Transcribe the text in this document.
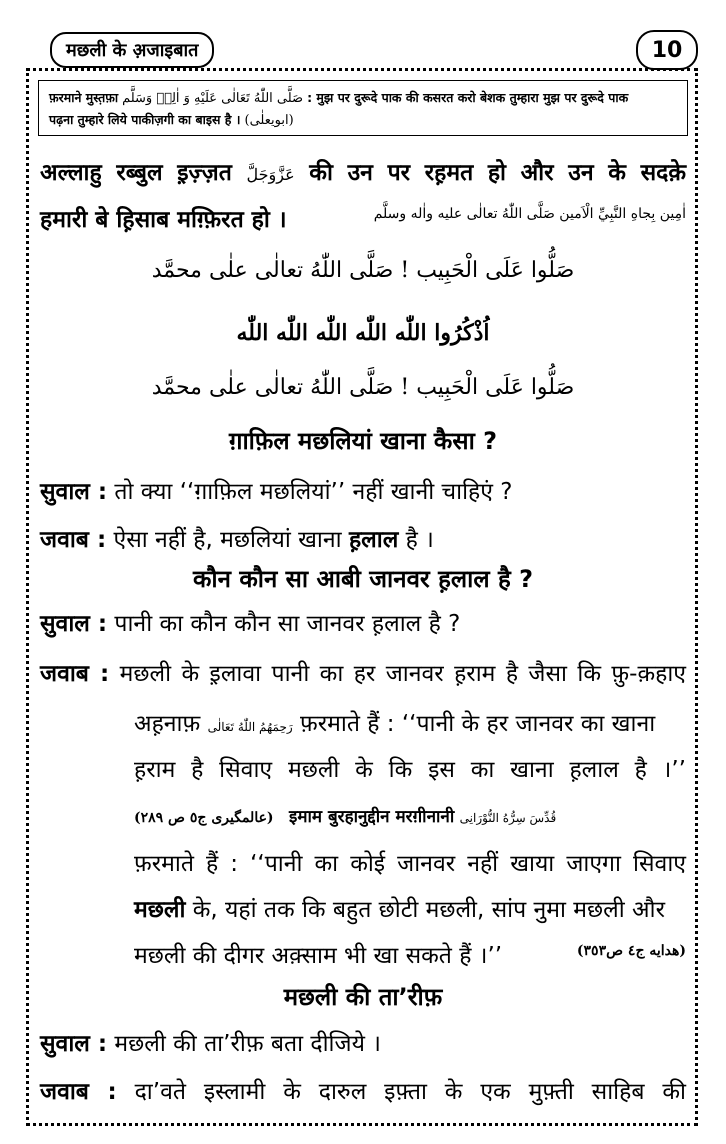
मछली के अ़जाइबात	10
फ़रमाने मुस्त़फ़ा صَلَّى اللّٰهُ تَعَالٰى عَلَيْهِ وَ اٰلِهٖ وَسَلَّم : मुझ पर दुरूदे पाक की कसरत करो बेशक तुम्हारा मुझ पर दुरूदे पाक
पढ़ना तुम्हारे लिये पाकीज़गी का बाइस है । (ابویعلٰی)
अल्लाहु रब्बुल इ़ज़्ज़त عَزَّوَجَلَّ की उन पर रह़मत हो और उन के सदक़े
हमारी बे ह़िसाब मग़्फ़िरत हो ।	اٰمِين بِجاهِ النَّبِيِّ الْاَمين صَلَّى اللّٰهُ تعالٰی علیه واٰله وسلَّم
صَلُّوا عَلَی الْحَبِيب ! صَلَّی اللّٰهُ تعالٰی علٰی محمَّد
اُذْكُرُوا اللّٰه اللّٰه اللّٰه اللّٰه اللّٰه
صَلُّوا عَلَی الْحَبِيب ! صَلَّی اللّٰهُ تعالٰی علٰی محمَّد
ग़ाफ़िल मछलियां खाना कैसा ?
सुवाल : तो क्या ‘‘ग़ाफ़िल मछलियां’’ नहीं खानी चाहिएं ?
जवाब : ऐसा नहीं है, मछलियां खाना ह़लाल है ।
कौन कौन सा आबी जानवर ह़लाल है ?
सुवाल : पानी का कौन कौन सा जानवर ह़लाल है ?
जवाब : मछली के इ़लावा पानी का हर जानवर ह़राम है जैसा कि फ़ु-क़हाए
अह़नाफ़ رَحِمَهُمُ اللّٰهُ تَعَالٰى फ़रमाते हैं : ‘‘पानी के हर जानवर का खाना
ह़राम है सिवाए मछली के कि इस का खाना ह़लाल है ।’’
(عالمگیری ج٥ ص ٢٨٩) इमाम बुरहानुद्दीन मरग़ीनानी قُدِّسَ سِرُّهُ النُّوْرَانِی
फ़रमाते हैं : ‘‘पानी का कोई जानवर नहीं खाया जाएगा सिवाए
मछली के, यहां तक कि बहुत छोटी मछली, सांप नुमा मछली और
मछली की दीगर अक़्साम भी खा सकते हैं ।’’	(هدایه ج٤ ص٣٥٣)
मछली की ता’रीफ़
सुवाल : मछली की ता’रीफ़ बता दीजिये ।
जवाब : दा’वते इस्लामी के दारुल इफ़्ता के एक मुफ़्ती साहिब की
